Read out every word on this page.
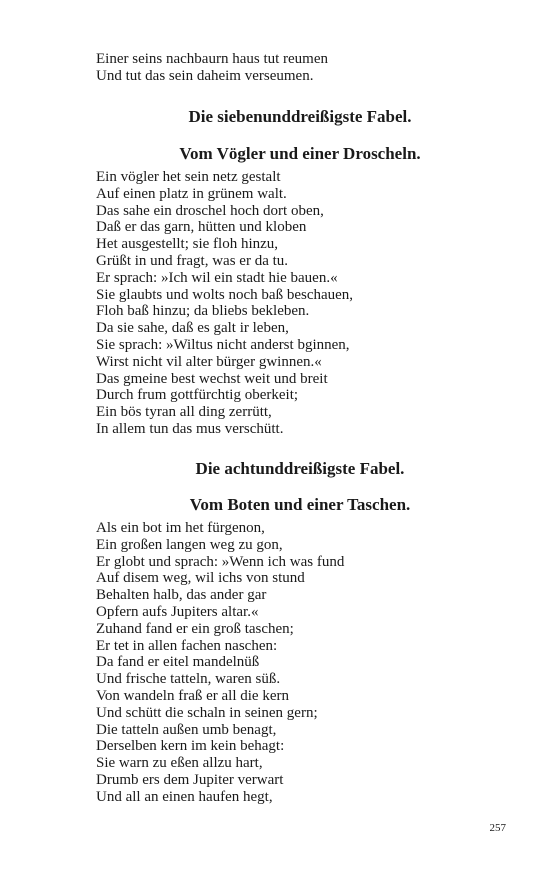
Einer seins nachbaurn haus tut reumen
Und tut das sein daheim verseumen.
Die siebenunddreißigste Fabel.
Vom Vögler und einer Droscheln.
Ein vögler het sein netz gestalt
Auf einen platz in grünem walt.
Das sahe ein droschel hoch dort oben,
Daß er das garn, hütten und kloben
Het ausgestellt; sie floh hinzu,
Grüßt in und fragt, was er da tu.
Er sprach: »Ich wil ein stadt hie bauen.«
Sie glaubts und wolts noch baß beschauen,
Floh baß hinzu; da bliebs bekleben.
Da sie sahe, daß es galt ir leben,
Sie sprach: »Wiltus nicht anderst bginnen,
Wirst nicht vil alter bürger gwinnen.«
Das gmeine best wechst weit und breit
Durch frum gottfürchtig oberkeit;
Ein bös tyran all ding zerrütt,
In allem tun das mus verschütt.
Die achtunddreißigste Fabel.
Vom Boten und einer Taschen.
Als ein bot im het fürgenon,
Ein großen langen weg zu gon,
Er globt und sprach: »Wenn ich was fund
Auf disem weg, wil ichs von stund
Behalten halb, das ander gar
Opfern aufs Jupiters altar.«
Zuhand fand er ein groß taschen;
Er tet in allen fachen naschen:
Da fand er eitel mandelnüß
Und frische tatteln, waren süß.
Von wandeln fraß er all die kern
Und schütt die schaln in seinen gern;
Die tatteln außen umb benagt,
Derselben kern im kein behagt:
Sie warn zu eßen allzu hart,
Drumb ers dem Jupiter verwart
Und all an einen haufen hegt,
257
